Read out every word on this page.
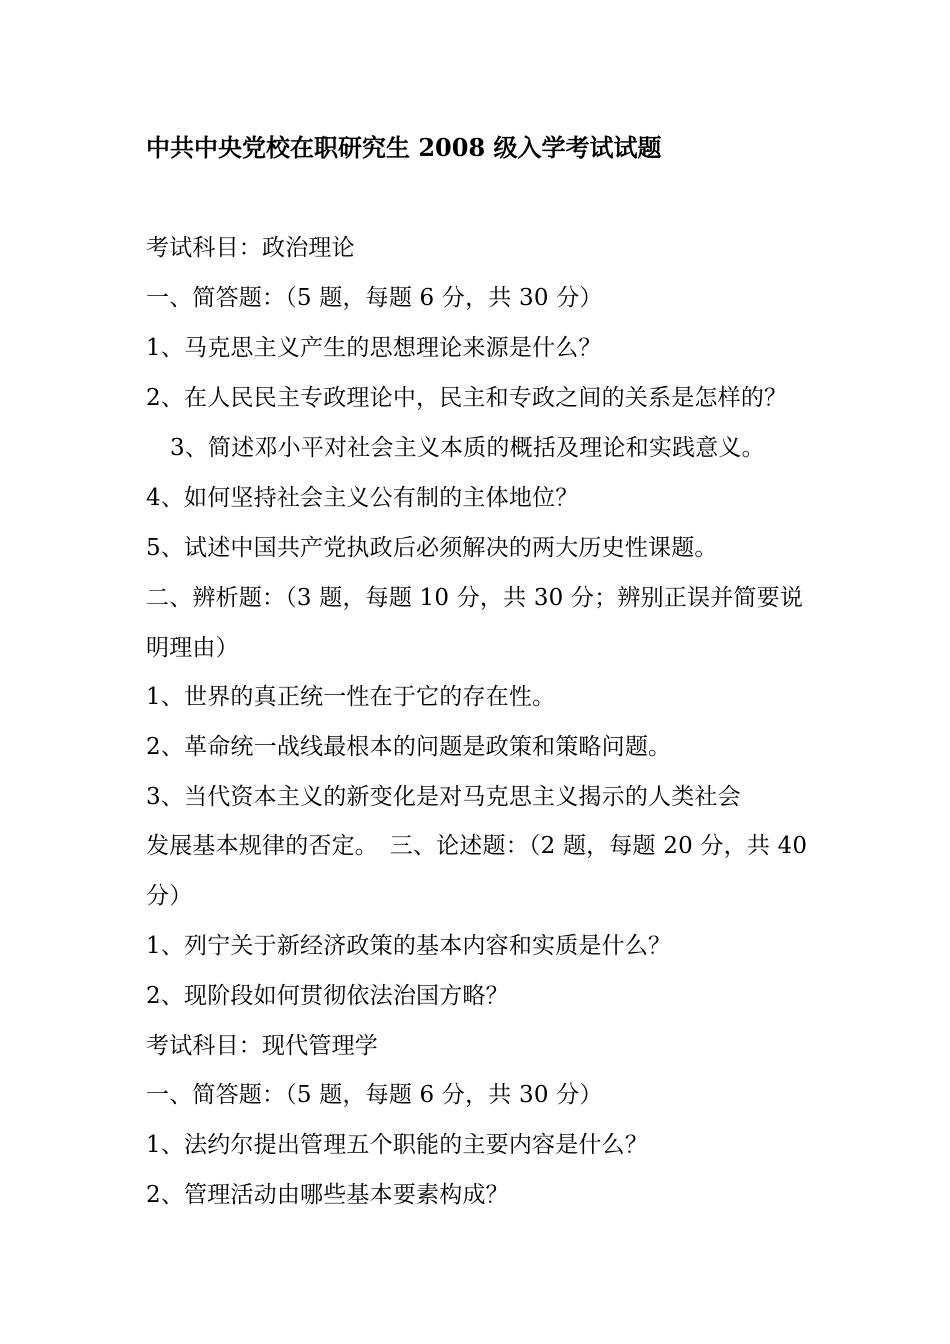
中共中央党校在职研究生 2008 级入学考试试题
考试科目：政治理论
一、简答题：（5 题，每题 6 分，共 30 分）
1、马克思主义产生的思想理论来源是什么？
2、在人民民主专政理论中，民主和专政之间的关系是怎样的？
3、简述邓小平对社会主义本质的概括及理论和实践意义。
4、如何坚持社会主义公有制的主体地位？
5、试述中国共产党执政后必须解决的两大历史性课题。
二、辨析题：（3 题，每题 10 分，共 30 分；辨别正误并简要说
明理由）
1、世界的真正统一性在于它的存在性。
2、革命统一战线最根本的问题是政策和策略问题。
3、当代资本主义的新变化是对马克思主义揭示的人类社会
发展基本规律的否定。　三、论述题：（2 题，每题 20 分，共 40
分）
1、列宁关于新经济政策的基本内容和实质是什么？
2、现阶段如何贯彻依法治国方略？
考试科目：现代管理学
一、简答题：（5 题，每题 6 分，共 30 分）
1、法约尔提出管理五个职能的主要内容是什么？
2、管理活动由哪些基本要素构成？
